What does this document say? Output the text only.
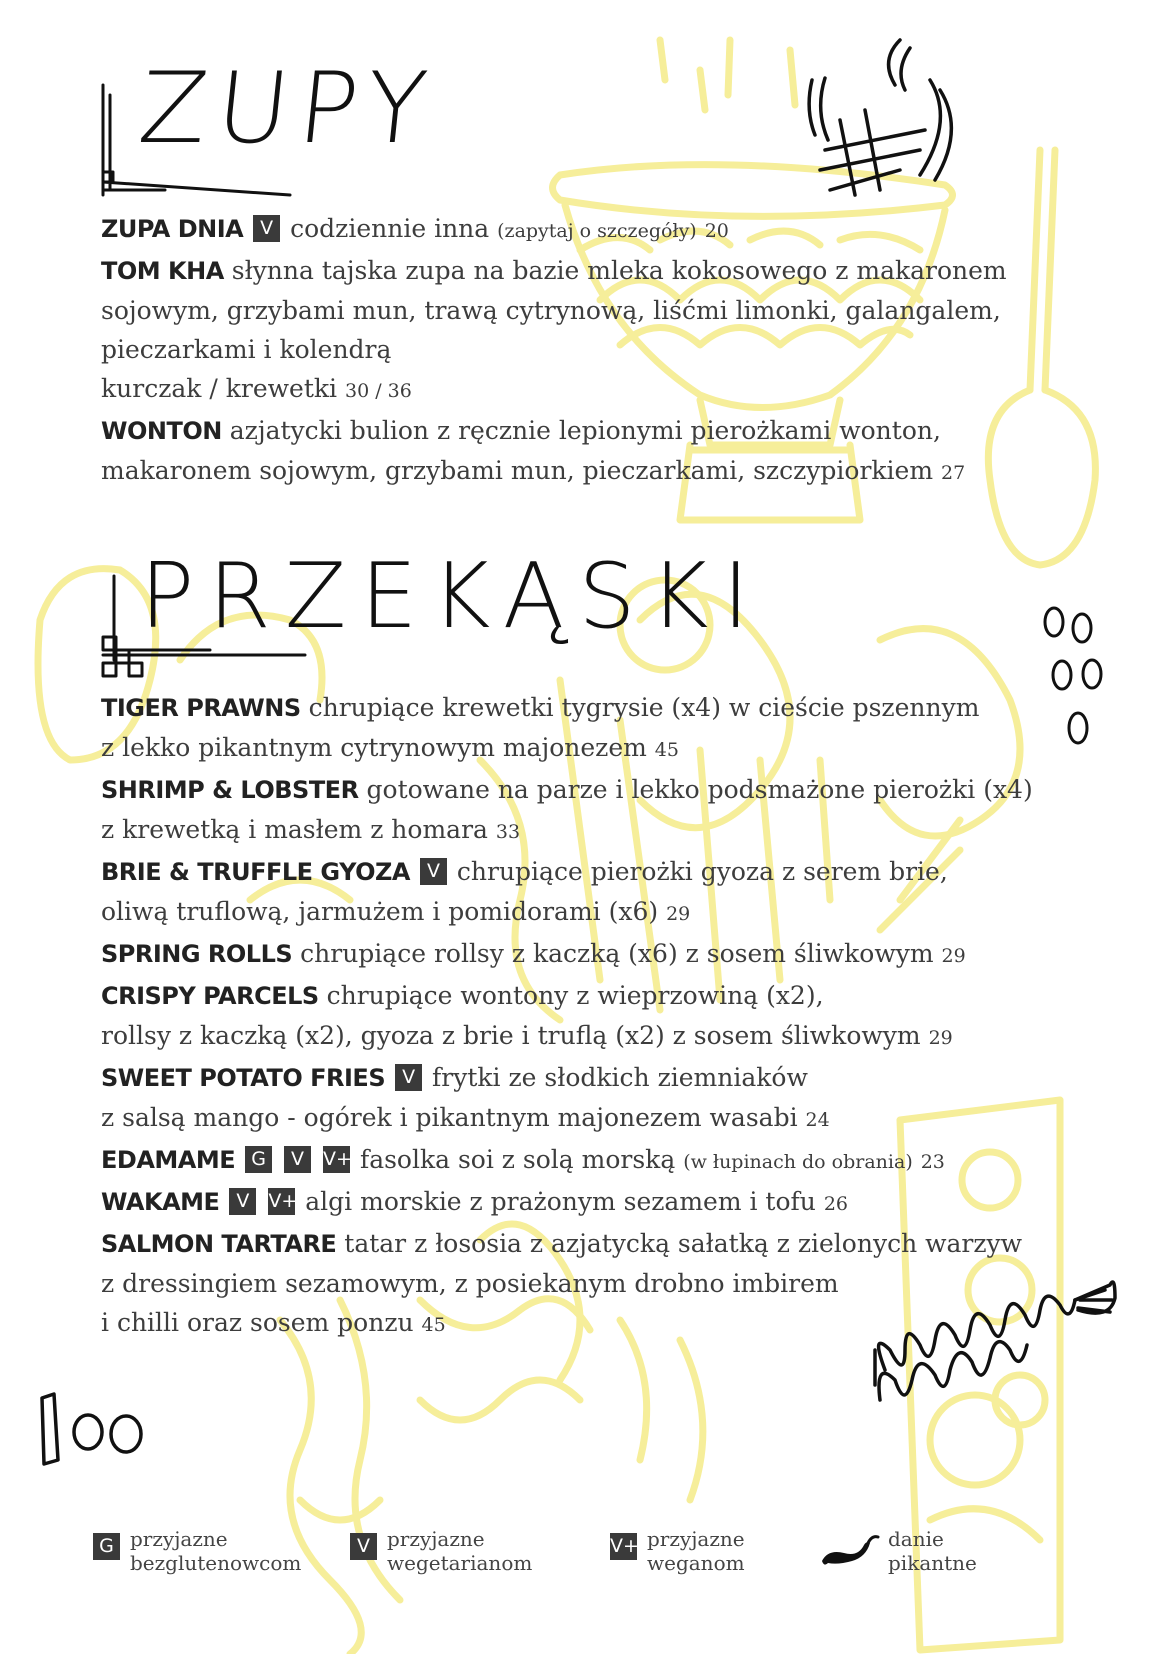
ZUPY
PRZEKĄSKI
ZUPA DNIA V codziennie inna (zapytaj o szczegóły) 20
TOM KHA słynna tajska zupa na bazie mleka kokosowego z makaronem
sojowym, grzybami mun, trawą cytrynową, liśćmi limonki, galangalem,
pieczarkami i kolendrą
kurczak / krewetki 30 / 36
WONTON azjatycki bulion z ręcznie lepionymi pierożkami wonton,
makaronem sojowym, grzybami mun, pieczarkami, szczypiorkiem 27
TIGER PRAWNS chrupiące krewetki tygrysie (x4) w cieście pszennym
z lekko pikantnym cytrynowym majonezem 45
SHRIMP & LOBSTER gotowane na parze i lekko podsmażone pierożki (x4)
z krewetką i masłem z homara 33
BRIE & TRUFFLE GYOZA V chrupiące pierożki gyoza z serem brie,
oliwą truflową, jarmużem i pomidorami (x6) 29
SPRING ROLLS chrupiące rollsy z kaczką (x6) z sosem śliwkowym 29
CRISPY PARCELS chrupiące wontony z wieprzowiną (x2),
rollsy z kaczką (x2), gyoza z brie i truflą (x2) z sosem śliwkowym 29
SWEET POTATO FRIES V frytki ze słodkich ziemniaków
z salsą mango - ogórek i pikantnym majonezem wasabi 24
EDAMAME G V V+ fasolka soi z solą morską (w łupinach do obrania) 23
WAKAME V V+ algi morskie z prażonym sezamem i tofu 26
SALMON TARTARE tatar z łososia z azjatycką sałatką z zielonych warzyw
z dressingiem sezamowym, z posiekanym drobno imbirem
i chilli oraz sosem ponzu 45
G przyjazne
bezglutenowcom
V przyjazne
wegetarianom
V+ przyjazne
weganom
danie
pikantne
